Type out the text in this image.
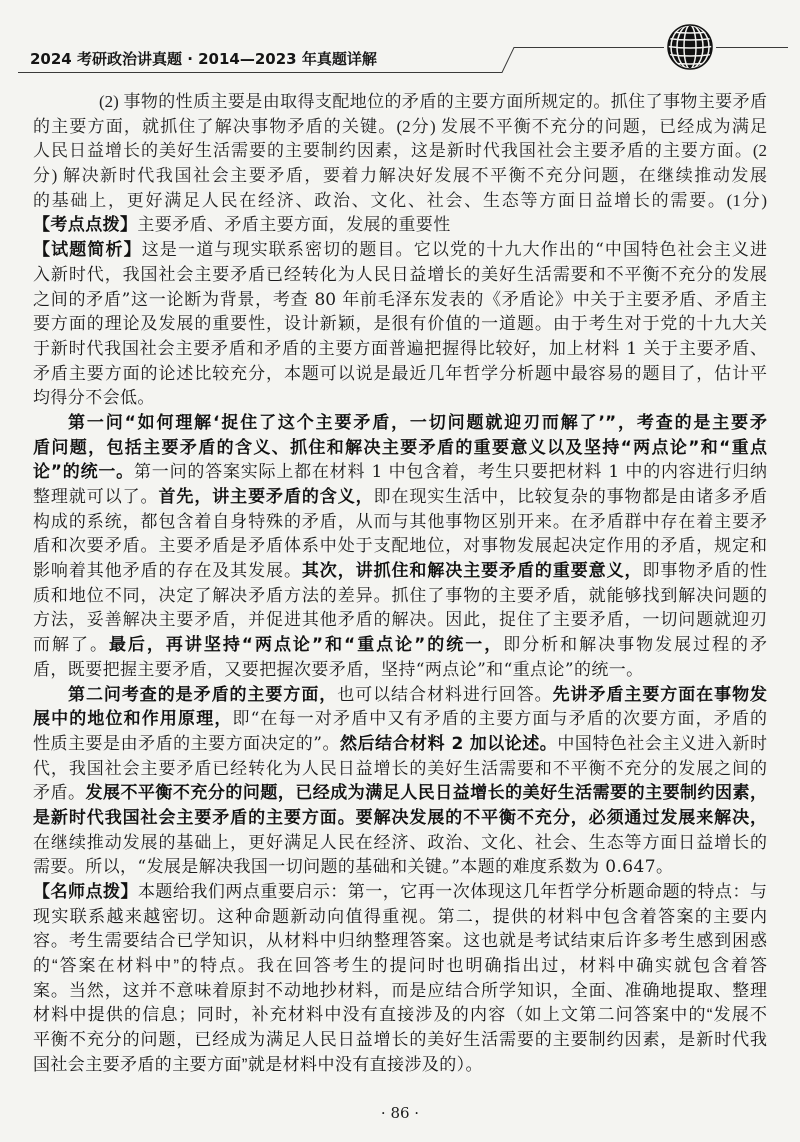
2024 考研政治讲真题 · 2014—2023 年真题详解
(2) 事物的性质主要是由取得支配地位的矛盾的主要方面所规定的。抓住了事物主要矛盾
的主要方面，就抓住了解决事物矛盾的关键。(2分) 发展不平衡不充分的问题，已经成为满足
人民日益增长的美好生活需要的主要制约因素，这是新时代我国社会主要矛盾的主要方面。(2
分) 解决新时代我国社会主要矛盾，要着力解决好发展不平衡不充分问题，在继续推动发展
的基础上，更好满足人民在经济、政治、文化、社会、生态等方面日益增长的需要。(1分)
【考点点拨】主要矛盾、矛盾主要方面，发展的重要性
【试题简析】这是一道与现实联系密切的题目。它以党的十九大作出的“中国特色社会主义进
入新时代，我国社会主要矛盾已经转化为人民日益增长的美好生活需要和不平衡不充分的发展
之间的矛盾”这一论断为背景，考查 80 年前毛泽东发表的《矛盾论》中关于主要矛盾、矛盾主
要方面的理论及发展的重要性，设计新颖，是很有价值的一道题。由于考生对于党的十九大关
于新时代我国社会主要矛盾和矛盾的主要方面普遍把握得比较好，加上材料 1 关于主要矛盾、
矛盾主要方面的论述比较充分，本题可以说是最近几年哲学分析题中最容易的题目了，估计平
均得分不会低。
第一问“如何理解‘捉住了这个主要矛盾，一切问题就迎刃而解了’”，考查的是主要矛
盾问题，包括主要矛盾的含义、抓住和解决主要矛盾的重要意义以及坚持“两点论”和“重点
论”的统一。第一问的答案实际上都在材料 1 中包含着，考生只要把材料 1 中的内容进行归纳
整理就可以了。首先，讲主要矛盾的含义，即在现实生活中，比较复杂的事物都是由诸多矛盾
构成的系统，都包含着自身特殊的矛盾，从而与其他事物区别开来。在矛盾群中存在着主要矛
盾和次要矛盾。主要矛盾是矛盾体系中处于支配地位，对事物发展起决定作用的矛盾，规定和
影响着其他矛盾的存在及其发展。其次，讲抓住和解决主要矛盾的重要意义，即事物矛盾的性
质和地位不同，决定了解决矛盾方法的差异。抓住了事物的主要矛盾，就能够找到解决问题的
方法，妥善解决主要矛盾，并促进其他矛盾的解决。因此，捉住了主要矛盾，一切问题就迎刃
而解了。最后，再讲坚持“两点论”和“重点论”的统一，即分析和解决事物发展过程的矛
盾，既要把握主要矛盾，又要把握次要矛盾，坚持“两点论”和“重点论”的统一。
第二问考查的是矛盾的主要方面，也可以结合材料进行回答。先讲矛盾主要方面在事物发
展中的地位和作用原理，即“在每一对矛盾中又有矛盾的主要方面与矛盾的次要方面，矛盾的
性质主要是由矛盾的主要方面决定的”。然后结合材料 2 加以论述。中国特色社会主义进入新时
代，我国社会主要矛盾已经转化为人民日益增长的美好生活需要和不平衡不充分的发展之间的
矛盾。发展不平衡不充分的问题，已经成为满足人民日益增长的美好生活需要的主要制约因素，
是新时代我国社会主要矛盾的主要方面。要解决发展的不平衡不充分，必须通过发展来解决，
在继续推动发展的基础上，更好满足人民在经济、政治、文化、社会、生态等方面日益增长的
需要。所以，“发展是解决我国一切问题的基础和关键。”本题的难度系数为 0.647。
【名师点拨】本题给我们两点重要启示：第一，它再一次体现这几年哲学分析题命题的特点：与
现实联系越来越密切。这种命题新动向值得重视。第二，提供的材料中包含着答案的主要内
容。考生需要结合已学知识，从材料中归纳整理答案。这也就是考试结束后许多考生感到困惑
的“答案在材料中”的特点。我在回答考生的提问时也明确指出过，材料中确实就包含着答
案。当然，这并不意味着原封不动地抄材料，而是应结合所学知识，全面、准确地提取、整理
材料中提供的信息；同时，补充材料中没有直接涉及的内容（如上文第二问答案中的“发展不
平衡不充分的问题，已经成为满足人民日益增长的美好生活需要的主要制约因素，是新时代我
国社会主要矛盾的主要方面”就是材料中没有直接涉及的）。
· 86 ·
